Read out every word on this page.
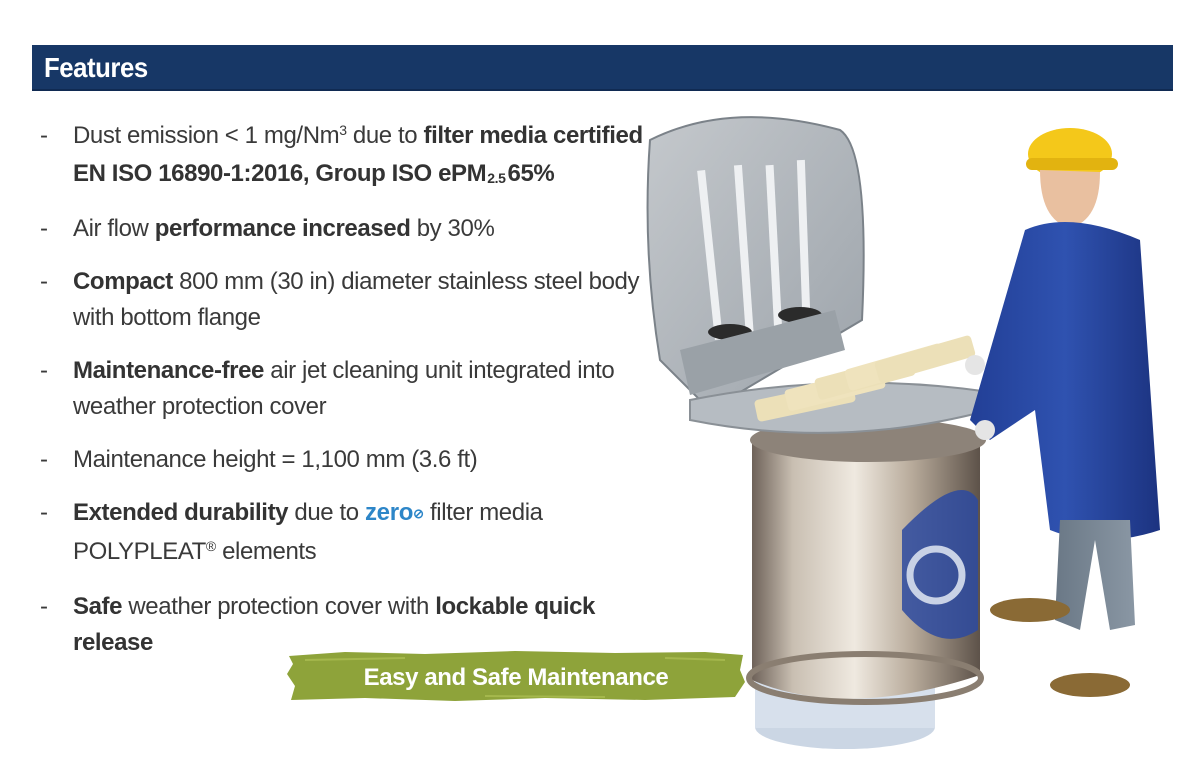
Features
- Dust emission < 1 mg/Nm$^3$ due to filter media certified EN ISO 16890-1:2016, Group ISO ePM2.565%
- Air flow performance increased by 30%
- Compact 800 mm (30 in) diameter stainless steel body with bottom flange
- Maintenance-free air jet cleaning unit integrated into weather protection cover
- Maintenance height = 1,100 mm (3.6 ft)
- Extended durability due to zero⊘ filter media POLYPLEAT® elements
- Safe weather protection cover with lockable quick release
Easy and Safe Maintenance
